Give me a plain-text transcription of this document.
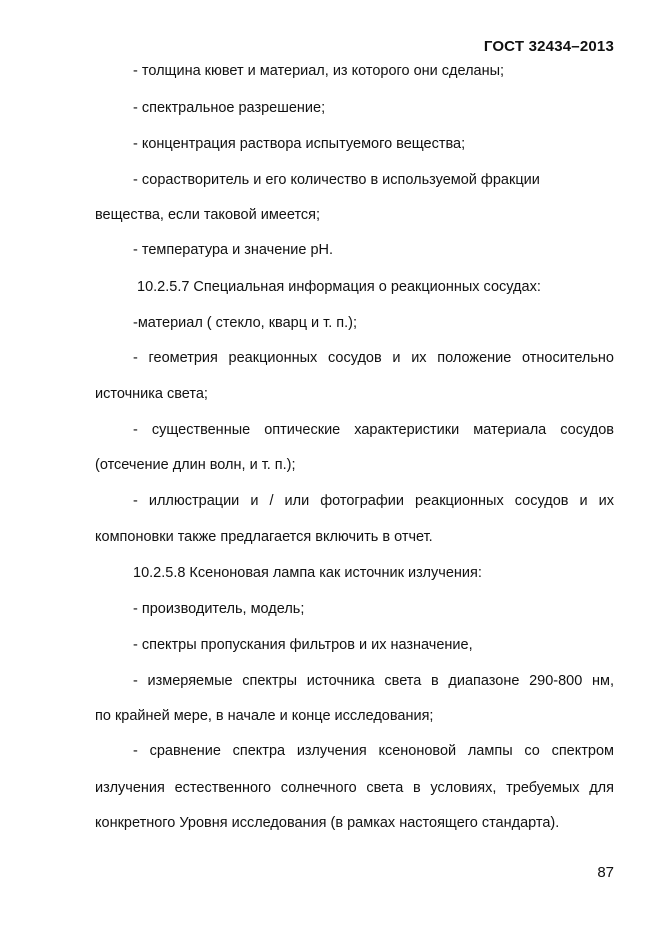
ГОСТ 32434–2013
- толщина кювет и материал, из которого они сделаны;
- спектральное разрешение;
- концентрация раствора испытуемого вещества;
- сорастворитель и его количество в используемой фракции
вещества, если таковой имеется;
- температура и значение рН.
10.2.5.7 Специальная информация о реакционных сосудах:
-материал ( стекло, кварц и т. п.);
- геометрия реакционных сосудов и их положение относительно
источника света;
- существенные оптические характеристики материала сосудов
(отсечение длин волн, и т. п.);
- иллюстрации и / или фотографии реакционных сосудов и их
компоновки также предлагается включить в отчет.
10.2.5.8 Ксеноновая лампа как источник излучения:
- производитель, модель;
- спектры пропускания фильтров и их назначение,
- измеряемые спектры источника света в диапазоне 290-800 нм,
по крайней мере, в начале и конце исследования;
- сравнение спектра излучения ксеноновой лампы со спектром
излучения естественного солнечного света в условиях, требуемых для
конкретного Уровня исследования (в рамках настоящего стандарта).
87
